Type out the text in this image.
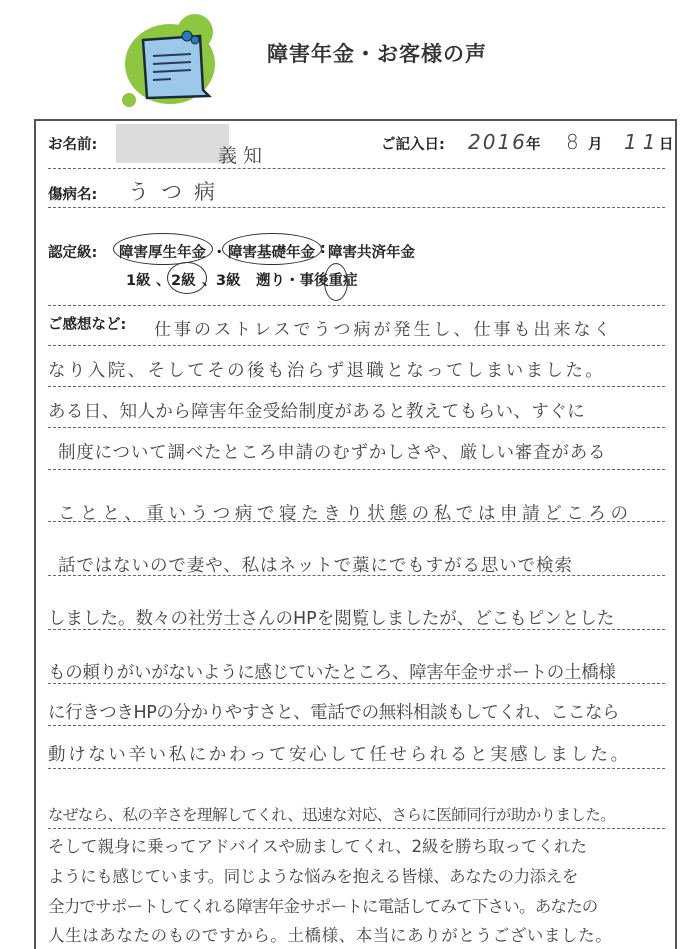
障害年金・お客様の声
お名前:	義知	ご記入日: 2016 年 8 月 11
日
傷病名: うつ病
認定級: 障害厚生年金 ・ 障害基礎年金 : 障害共済年金
1級 、 2級 、 3級 遡り・事後重症
ご感想など: 仕事のストレスでうつ病が発生し、仕事も出来なく
なり入院、そしてその後も治らず退職となってしまいました。
ある日、知人から障害年金受給制度があると教えてもらい、すぐに
制度について調べたところ申請のむずかしさや、厳しい審査がある
ことと、重いうつ病で寝たきり状態の私では申請どころの
話ではないので妻や、私はネットで藁にでもすがる思いで検索
しました。数々の社労士さんのHPを閲覧しましたが、どこもピンとした
もの頼りがいがないように感じていたところ、障害年金サポートの土橋様
に行きつきHPの分かりやすさと、電話での無料相談もしてくれ、ここなら
動けない辛い私にかわって安心して任せられると実感しました。
なぜなら、私の辛さを理解してくれ、迅速な対応、さらに医師同行が助かりました。
そして親身に乗ってアドバイスや励ましてくれ、2級を勝ち取ってくれた
ようにも感じています。同じような悩みを抱える皆様、あなたの力添えを
全力でサポートしてくれる障害年金サポートに電話してみて下さい。あなたの
人生はあなたのものですから。土橋様、本当にありがとうございました。
